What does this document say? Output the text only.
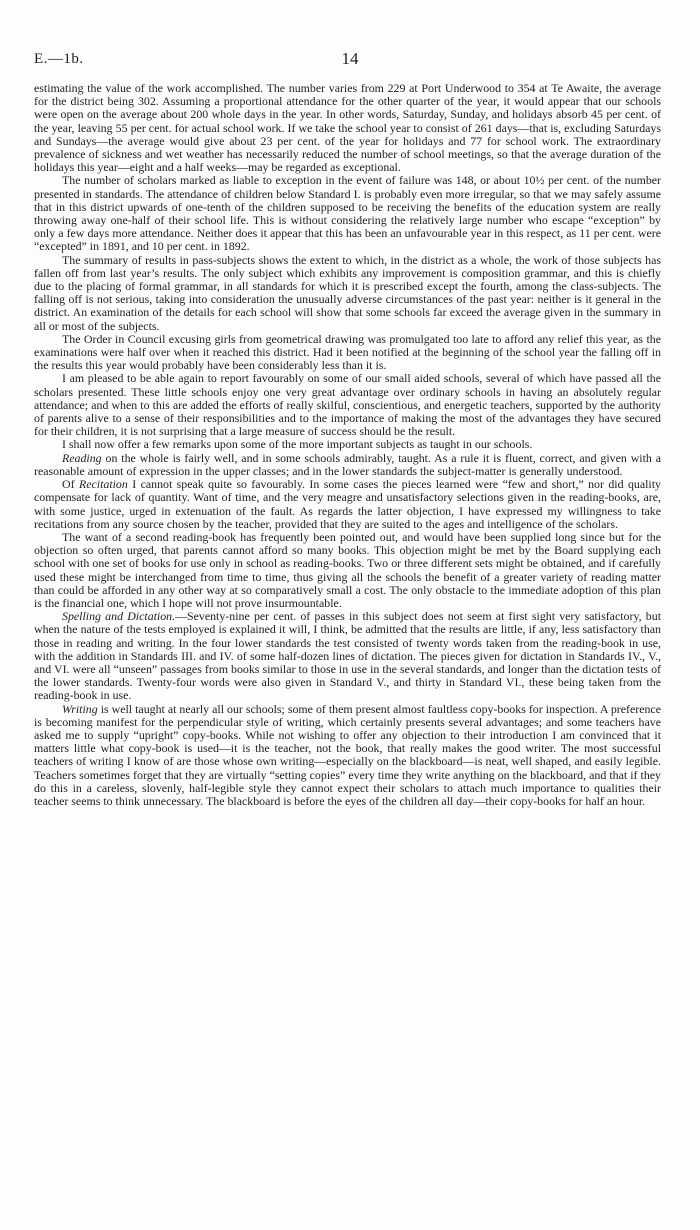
E.—1b.	14

estimating the value of the work accomplished. The number varies from 229 at Port Underwood to 354 at Te Awaite, the average for the district being 302. Assuming a proportional attendance for the other quarter of the year, it would appear that our schools were open on the average about 200 whole days in the year. In other words, Saturday, Sunday, and holidays absorb 45 per cent. of the year, leaving 55 per cent. for actual school work. If we take the school year to consist of 261 days—that is, excluding Saturdays and Sundays—the average would give about 23 per cent. of the year for holidays and 77 for school work. The extraordinary prevalence of sickness and wet weather has necessarily reduced the number of school meetings, so that the average duration of the holidays this year—eight and a half weeks—may be regarded as exceptional.

The number of scholars marked as liable to exception in the event of failure was 148, or about 10½ per cent. of the number presented in standards. The attendance of children below Standard I. is probably even more irregular, so that we may safely assume that in this district upwards of one-tenth of the children supposed to be receiving the benefits of the education system are really throwing away one-half of their school life. This is without considering the relatively large number who escape “exception” by only a few days more attendance. Neither does it appear that this has been an unfavourable year in this respect, as 11 per cent. were “excepted” in 1891, and 10 per cent. in 1892.

The summary of results in pass-subjects shows the extent to which, in the district as a whole, the work of those subjects has fallen off from last year’s results. The only subject which exhibits any improvement is composition grammar, and this is chiefly due to the placing of formal grammar, in all standards for which it is prescribed except the fourth, among the class-subjects. The falling off is not serious, taking into consideration the unusually adverse circumstances of the past year: neither is it general in the district. An examination of the details for each school will show that some schools far exceed the average given in the summary in all or most of the subjects.

The Order in Council excusing girls from geometrical drawing was promulgated too late to afford any relief this year, as the examinations were half over when it reached this district. Had it been notified at the beginning of the school year the falling off in the results this year would probably have been considerably less than it is.

I am pleased to be able again to report favourably on some of our small aided schools, several of which have passed all the scholars presented. These little schools enjoy one very great advantage over ordinary schools in having an absolutely regular attendance; and when to this are added the efforts of really skilful, conscientious, and energetic teachers, supported by the authority of parents alive to a sense of their responsibilities and to the importance of making the most of the advantages they have secured for their children, it is not surprising that a large measure of success should be the result.

I shall now offer a few remarks upon some of the more important subjects as taught in our schools.

Reading on the whole is fairly well, and in some schools admirably, taught. As a rule it is fluent, correct, and given with a reasonable amount of expression in the upper classes; and in the lower standards the subject-matter is generally understood.

Of Recitation I cannot speak quite so favourably. In some cases the pieces learned were “few and short,” nor did quality compensate for lack of quantity. Want of time, and the very meagre and unsatisfactory selections given in the reading-books, are, with some justice, urged in extenuation of the fault. As regards the latter objection, I have expressed my willingness to take recitations from any source chosen by the teacher, provided that they are suited to the ages and intelligence of the scholars.

The want of a second reading-book has frequently been pointed out, and would have been supplied long since but for the objection so often urged, that parents cannot afford so many books. This objection might be met by the Board supplying each school with one set of books for use only in school as reading-books. Two or three different sets might be obtained, and if carefully used these might be interchanged from time to time, thus giving all the schools the benefit of a greater variety of reading matter than could be afforded in any other way at so comparatively small a cost. The only obstacle to the immediate adoption of this plan is the financial one, which I hope will not prove insurmountable.

Spelling and Dictation.—Seventy-nine per cent. of passes in this subject does not seem at first sight very satisfactory, but when the nature of the tests employed is explained it will, I think, be admitted that the results are little, if any, less satisfactory than those in reading and writing. In the four lower standards the test consisted of twenty words taken from the reading-book in use, with the addition in Standards III. and IV. of some half-dozen lines of dictation. The pieces given for dictation in Standards IV., V., and VI. were all “unseen” passages from books similar to those in use in the several standards, and longer than the dictation tests of the lower standards. Twenty-four words were also given in Standard V., and thirty in Standard VI., these being taken from the reading-book in use.

Writing is well taught at nearly all our schools; some of them present almost faultless copy-books for inspection. A preference is becoming manifest for the perpendicular style of writing, which certainly presents several advantages; and some teachers have asked me to supply “upright” copy-books. While not wishing to offer any objection to their introduction I am convinced that it matters little what copy-book is used—it is the teacher, not the book, that really makes the good writer. The most successful teachers of writing I know of are those whose own writing—especially on the blackboard—is neat, well shaped, and easily legible. Teachers sometimes forget that they are virtually “setting copies” every time they write anything on the blackboard, and that if they do this in a careless, slovenly, half-legible style they cannot expect their scholars to attach much importance to qualities their teacher seems to think unnecessary. The blackboard is before the eyes of the children all day—their copy-books for half an hour.
